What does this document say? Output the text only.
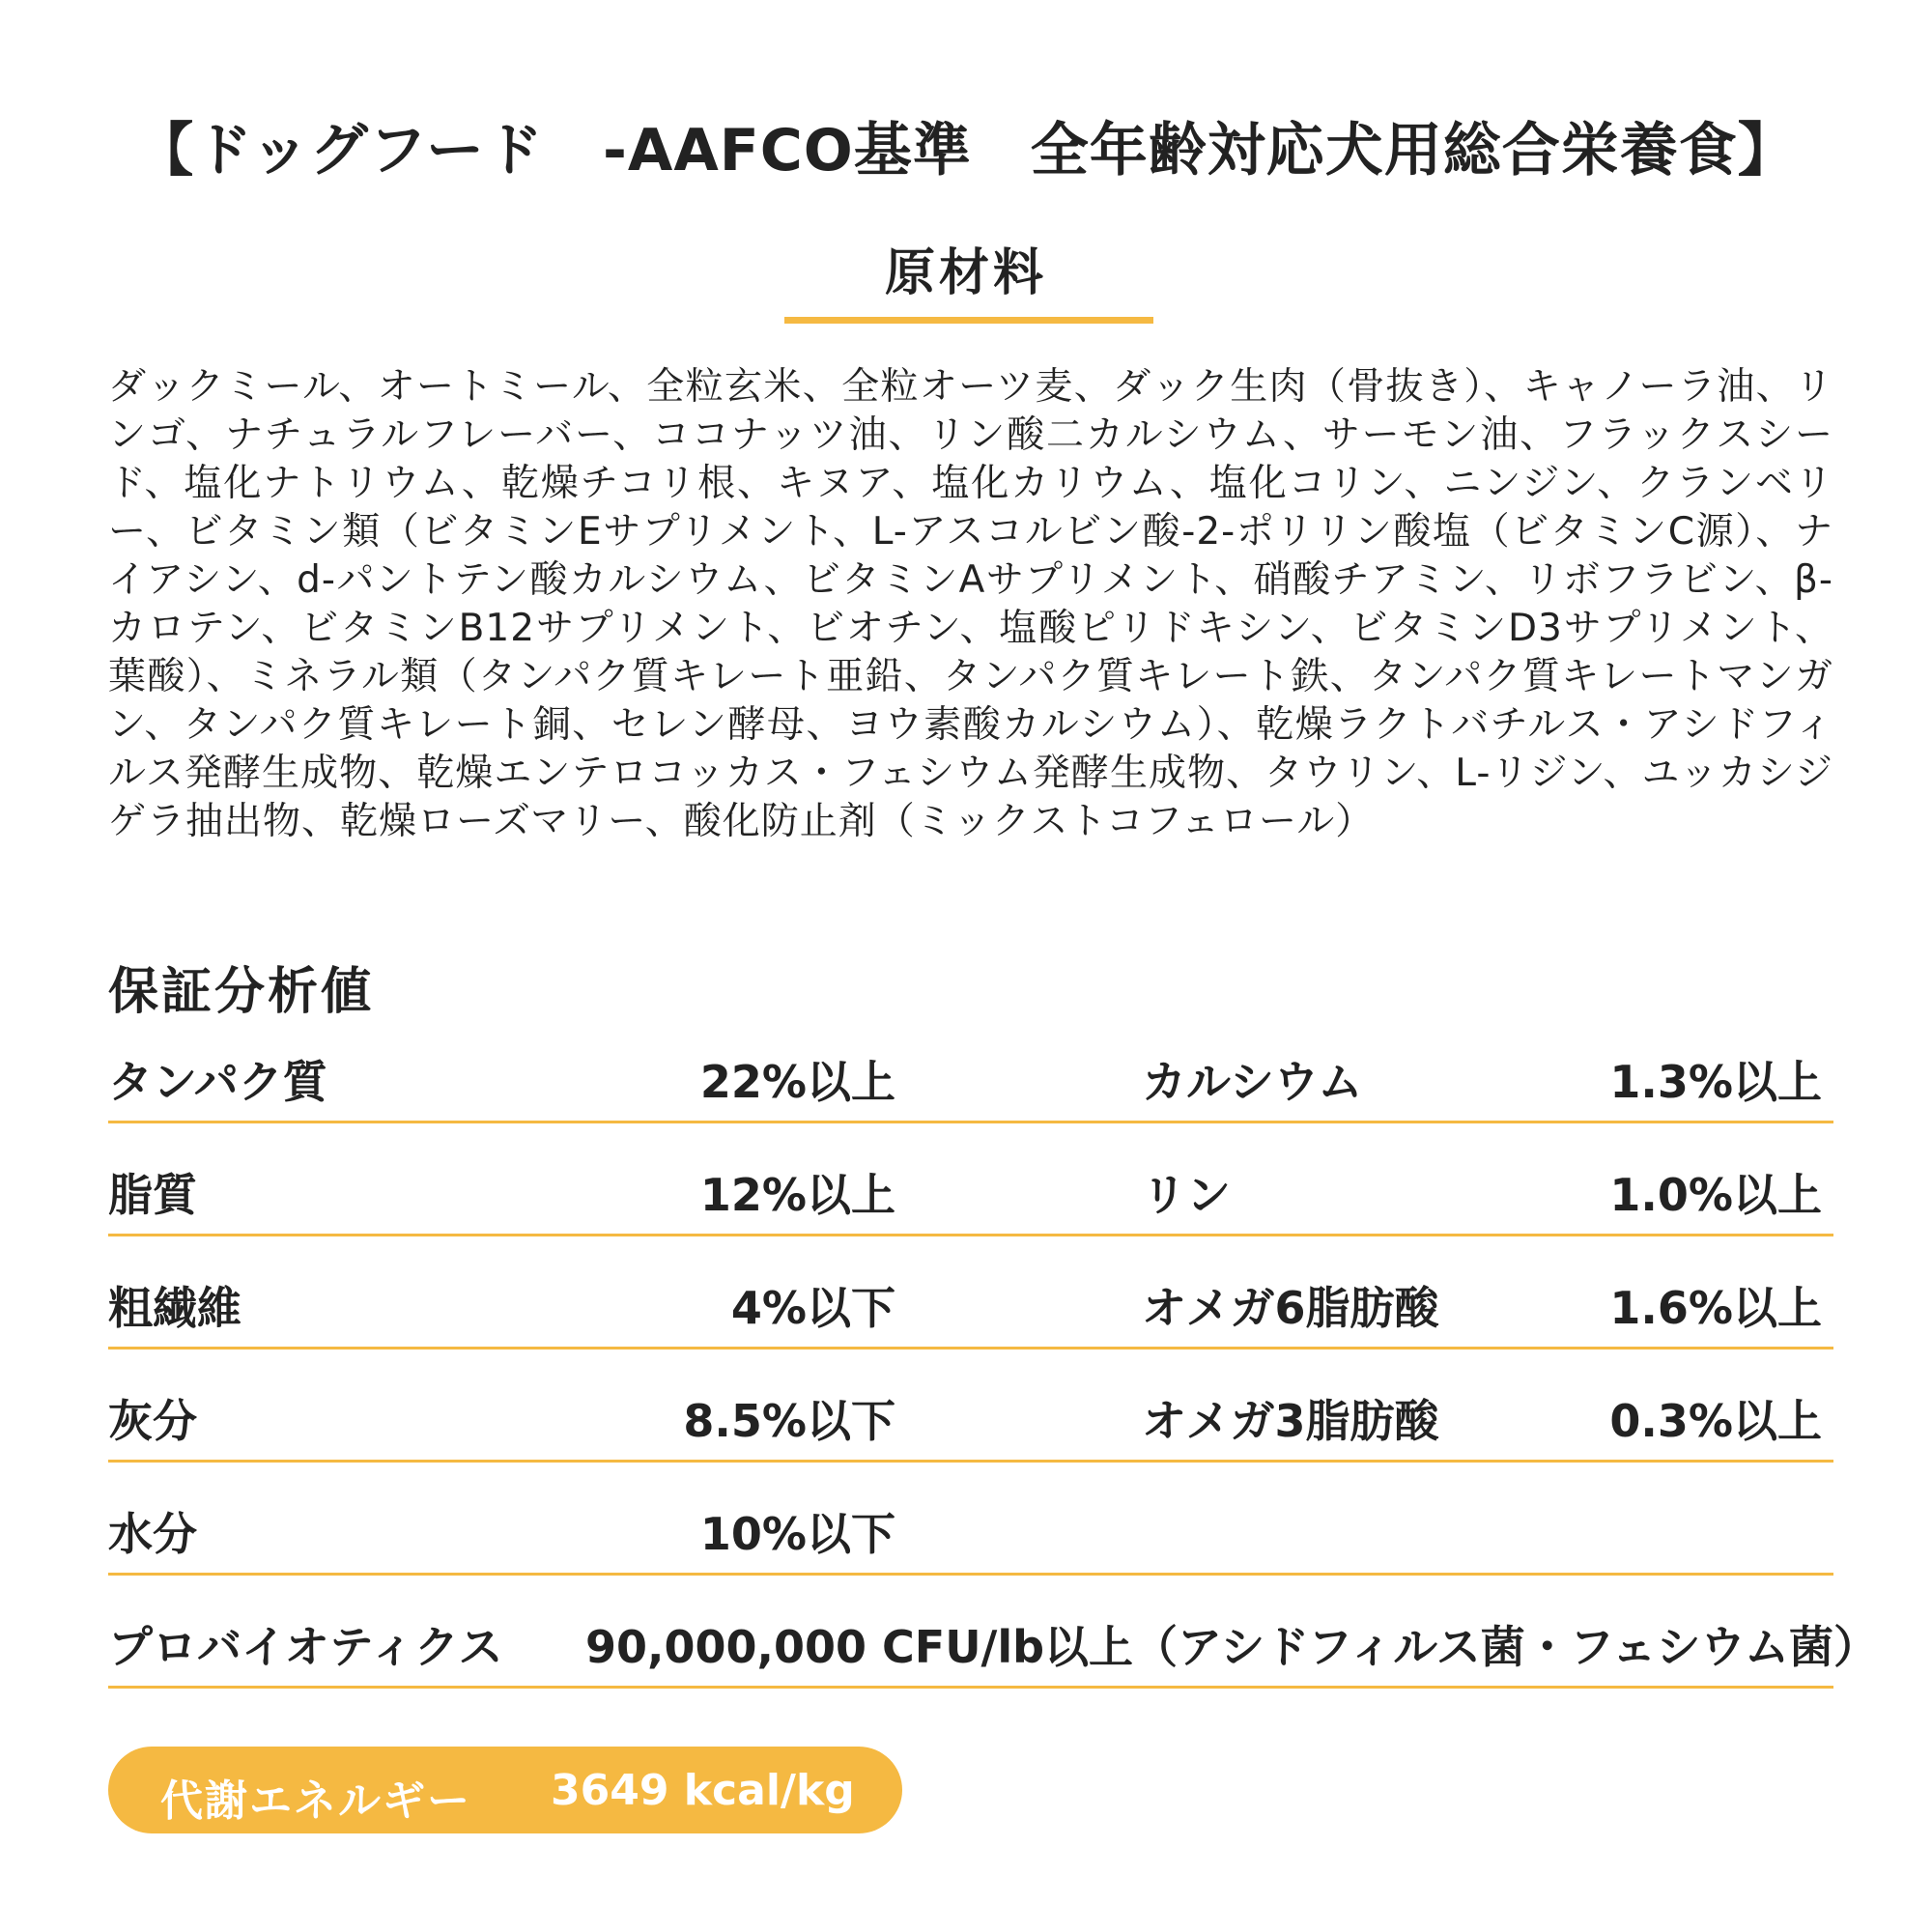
【ドッグフード　-AAFCO基準　全年齢対応犬用総合栄養食】
原材料
ダックミール、オートミール、全粒玄米、全粒オーツ麦、ダック生肉（骨抜き）、キャノーラ油、リンゴ、ナチュラルフレーバー、ココナッツ油、リン酸二カルシウム、サーモン油、フラックスシード、塩化ナトリウム、乾燥チコリ根、キヌア、塩化カリウム、塩化コリン、ニンジン、クランベリー、ビタミン類（ビタミンEサプリメント、L-アスコルビン酸-2-ポリリン酸塩（ビタミンC源）、ナイアシン、d-パントテン酸カルシウム、ビタミンAサプリメント、硝酸チアミン、リボフラビン、β-カロテン、ビタミンB12サプリメント、ビオチン、塩酸ピリドキシン、ビタミンD3サプリメント、葉酸）、ミネラル類（タンパク質キレート亜鉛、タンパク質キレート鉄、タンパク質キレートマンガン、タンパク質キレート銅、セレン酵母、ヨウ素酸カルシウム）、乾燥ラクトバチルス・アシドフィルス発酵生成物、乾燥エンテロコッカス・フェシウム発酵生成物、タウリン、L-リジン、ユッカシジゲラ抽出物、乾燥ローズマリー、酸化防止剤（ミックストコフェロール）
保証分析値
タンパク質	22%以上	カルシウム	1.3%以上
脂質	12%以上	リン	1.0%以上
粗繊維	4%以下	オメガ6脂肪酸	1.6%以上
灰分	8.5%以下	オメガ3脂肪酸	0.3%以上
水分	10%以下
プロバイオティクス 90,000,000 CFU/lb以上（アシドフィルス菌・フェシウム菌）
代謝エネルギー 3649 kcal/kg
